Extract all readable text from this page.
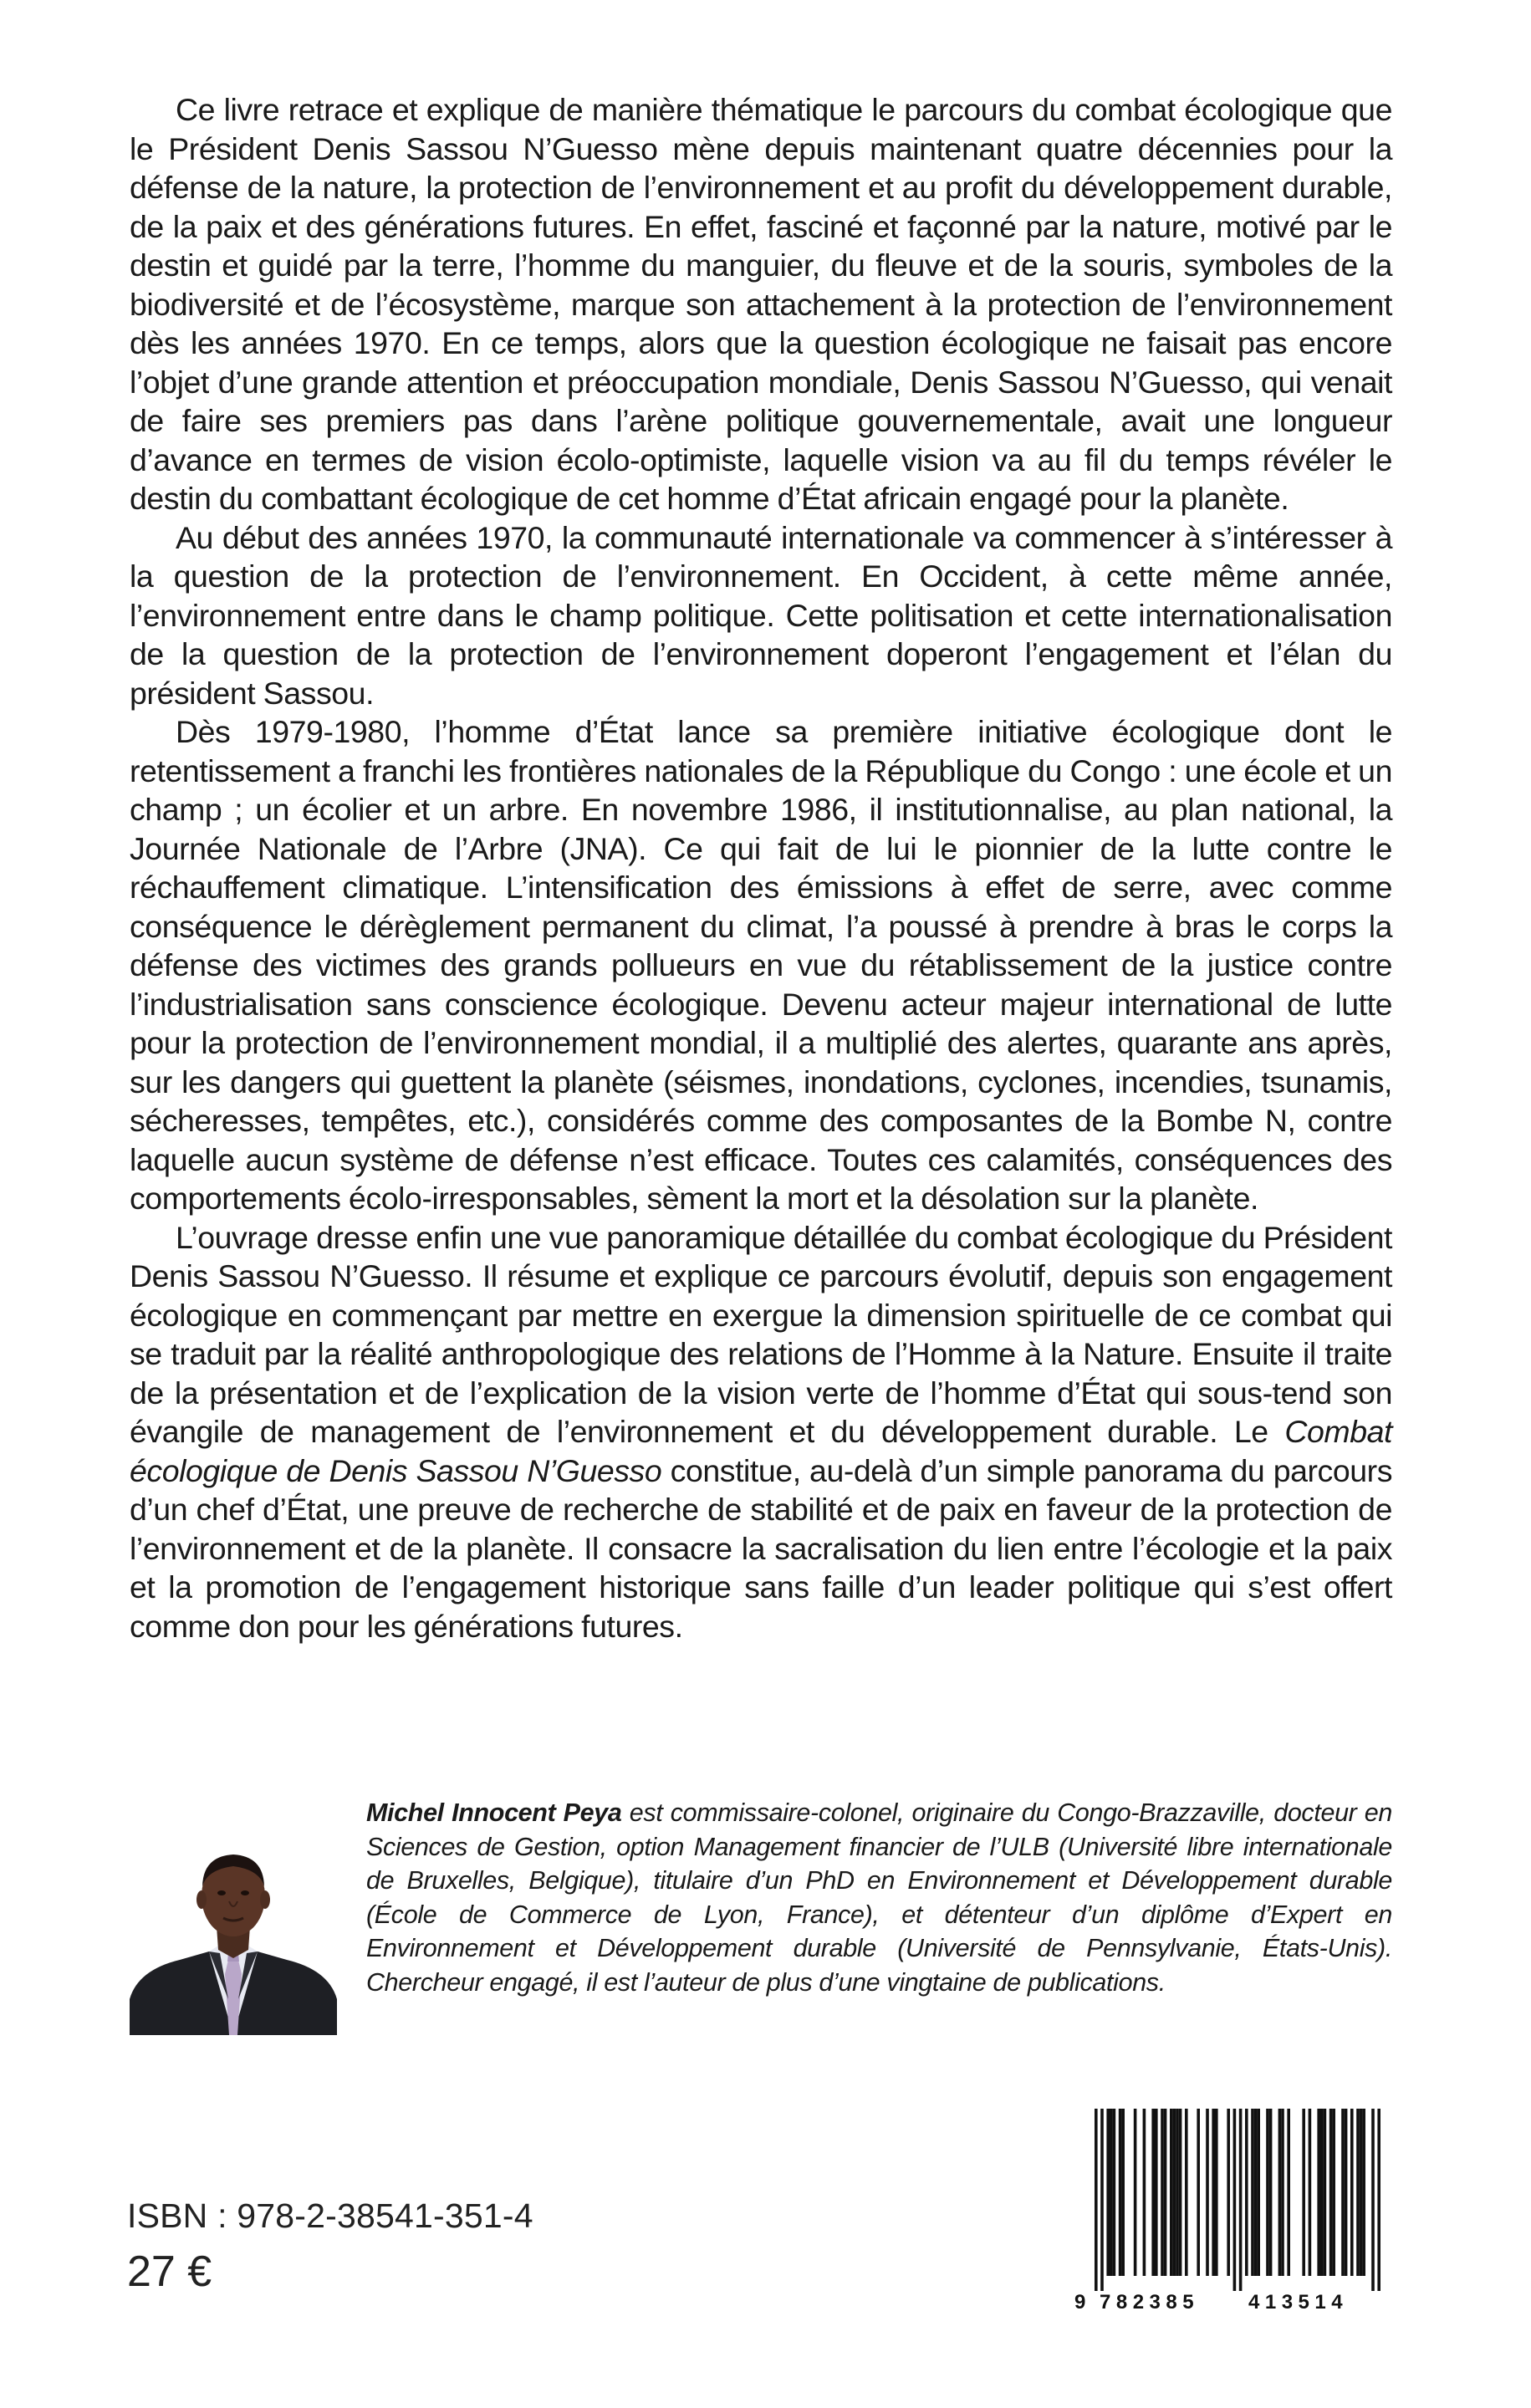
Ce livre retrace et explique de manière thématique le parcours du combat écologique que le Président Denis Sassou N’Guesso mène depuis maintenant quatre décennies pour la défense de la nature, la protection de l’environnement et au profit du développement durable, de la paix et des générations futures. En effet, fasciné et façonné par la nature, motivé par le destin et guidé par la terre, l’homme du manguier, du fleuve et de la souris, symboles de la biodiversité et de l’écosystème, marque son attachement à la protection de l’environnement dès les années 1970. En ce temps, alors que la question écologique ne faisait pas encore l’objet d’une grande attention et préoccupation mondiale, Denis Sassou N’Guesso, qui venait de faire ses premiers pas dans l’arène politique gouvernementale, avait une longueur d’avance en termes de vision écolo-optimiste, laquelle vision va au fil du temps révéler le destin du combattant écologique de cet homme d’État africain engagé pour la planète.

Au début des années 1970, la communauté internationale va commencer à s’intéresser à la question de la protection de l’environnement. En Occident, à cette même année, l’environnement entre dans le champ politique. Cette politisation et cette internationalisation de la question de la protection de l’environnement doperont l’engagement et l’élan du président Sassou.

Dès 1979-1980, l’homme d’État lance sa première initiative écologique dont le retentissement a franchi les frontières nationales de la République du Congo : une école et un champ ; un écolier et un arbre. En novembre 1986, il institutionnalise, au plan national, la Journée Nationale de l’Arbre (JNA). Ce qui fait de lui le pionnier de la lutte contre le réchauffement climatique. L’intensification des émissions à effet de serre, avec comme conséquence le dérèglement permanent du climat, l’a poussé à prendre à bras le corps la défense des victimes des grands pollueurs en vue du rétablissement de la justice contre l’industrialisation sans conscience écologique. Devenu acteur majeur international de lutte pour la protection de l’environnement mondial, il a multiplié des alertes, quarante ans après, sur les dangers qui guettent la planète (séismes, inondations, cyclones, incendies, tsunamis, sécheresses, tempêtes, etc.), considérés comme des composantes de la Bombe N, contre laquelle aucun système de défense n’est efficace. Toutes ces calamités, conséquences des comportements écolo-irresponsables, sèment la mort et la désolation sur la planète.

L’ouvrage dresse enfin une vue panoramique détaillée du combat écologique du Président Denis Sassou N’Guesso. Il résume et explique ce parcours évolutif, depuis son engagement écologique en commençant par mettre en exergue la dimension spirituelle de ce combat qui se traduit par la réalité anthropologique des relations de l’Homme à la Nature. Ensuite il traite de la présentation et de l’explication de la vision verte de l’homme d’État qui sous-tend son évangile de management de l’environnement et du développement durable. Le Combat écologique de Denis Sassou N’Guesso constitue, au-delà d’un simple panorama du parcours d’un chef d’État, une preuve de recherche de stabilité et de paix en faveur de la protection de l’environnement et de la planète. Il consacre la sacralisation du lien entre l’écologie et la paix et la promotion de l’engagement historique sans faille d’un leader politique qui s’est offert comme don pour les générations futures.

Michel Innocent Peya est commissaire-colonel, originaire du Congo-Brazzaville, docteur en Sciences de Gestion, option Management financier de l’ULB (Université libre internationale de Bruxelles, Belgique), titulaire d’un PhD en Environnement et Développement durable (École de Commerce de Lyon, France), et détenteur d’un diplôme d’Expert en Environnement et Développement durable (Université de Pennsylvanie, États-Unis). Chercheur engagé, il est l’auteur de plus d’une vingtaine de publications.
ISBN : 978-2-38541-351-4
27 €

9

782385

413514
